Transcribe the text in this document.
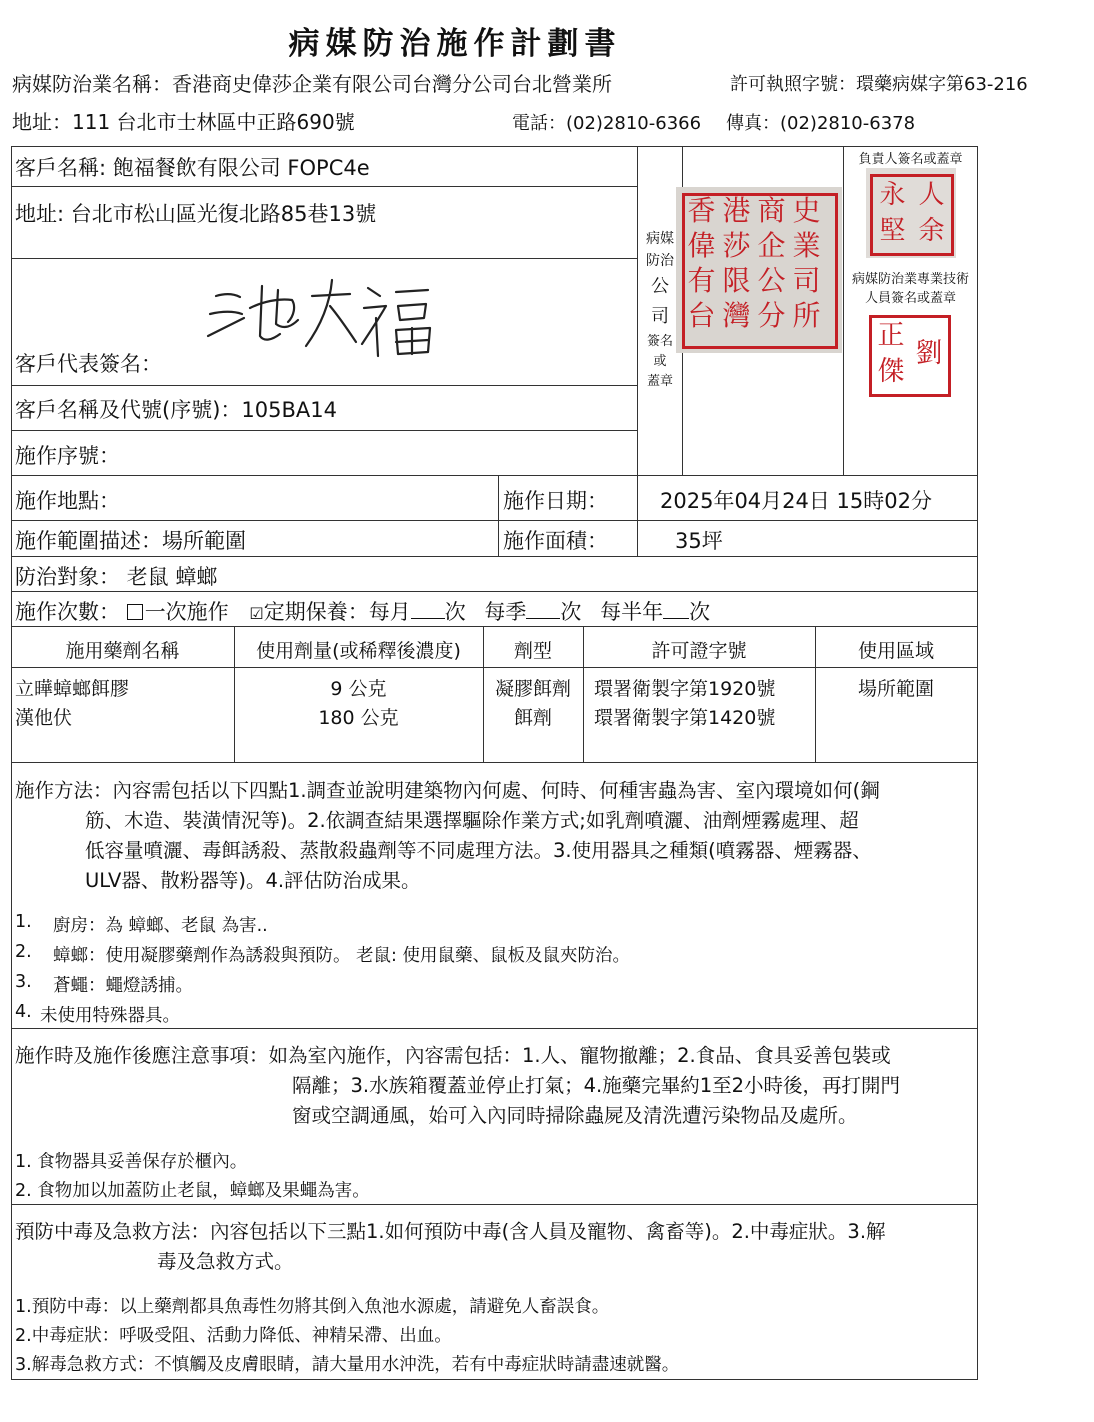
病媒防治施作計劃書
病媒防治業名稱：香港商史偉莎企業有限公司台灣分公司台北營業所	許可執照字號：環藥病媒字第63-216
地址：111 台北市士林區中正路690號	電話：(02)2810-6366 傳真：(02)2810-6378
客戶名稱: 飽福餐飲有限公司 FOPC4e
地址: 台北市松山區光復北路85巷13號
客戶代表簽名：
客戶名稱及代號(序號)：105BA14
施作序號：
病媒
防治
公
司
簽名
或
蓋章
香 港 商 史
偉 莎 企 業
有 限 公 司
台 灣 分 所
負責人簽名或蓋章
永 人
堅 余
病媒防治業專業技術
人員簽名或蓋章
正
劉
傑
施作地點：	施作日期： 2025年04月24日 15時02分
施作範圍描述：場所範圍	施作面積：	35坪
防治對象： 老鼠 蟑螂
施作次數： 一次施作 ☑定期保養：每月 次 每季 次 每半年 次
施用藥劑名稱	使用劑量(或稀釋後濃度)	劑型	許可證字號	使用區域
立曄蟑螂餌膠	9 公克	凝膠餌劑	環署衛製字第1920號	場所範圍
漢他伏	180 公克	餌劑	環署衛製字第1420號
施作方法：內容需包括以下四點1.調查並說明建築物內何處、何時、何種害蟲為害、室內環境如何(鋼
筋、木造、裝潢情況等)。2.依調查結果選擇驅除作業方式;如乳劑噴灑、油劑煙霧處理、超
低容量噴灑、毒餌誘殺、蒸散殺蟲劑等不同處理方法。3.使用器具之種類(噴霧器、煙霧器、
ULV器、散粉器等)。4.評估防治成果。
1. 廚房：為 蟑螂、老鼠 為害..
2. 蟑螂：使用凝膠藥劑作為誘殺與預防。 老鼠: 使用鼠藥、鼠板及鼠夾防治。
3. 蒼蠅：蠅燈誘捕。
4. 未使用特殊器具。
施作時及施作後應注意事項：如為室內施作，內容需包括：1.人、寵物撤離；2.食品、食具妥善包裝或
隔離；3.水族箱覆蓋並停止打氣；4.施藥完畢約1至2小時後，再打開門
窗或空調通風，始可入內同時掃除蟲屍及清洗遭污染物品及處所。
1. 食物器具妥善保存於櫃內。
2. 食物加以加蓋防止老鼠，蟑螂及果蠅為害。
預防中毒及急救方法：內容包括以下三點1.如何預防中毒(含人員及寵物、禽畜等)。2.中毒症狀。3.解
毒及急救方式。
1.預防中毒：以上藥劑都具魚毒性勿將其倒入魚池水源處，請避免人畜誤食。
2.中毒症狀：呼吸受阻、活動力降低、神精呆滯、出血。
3.解毒急救方式：不慎觸及皮膚眼睛，請大量用水沖洗，若有中毒症狀時請盡速就醫。
